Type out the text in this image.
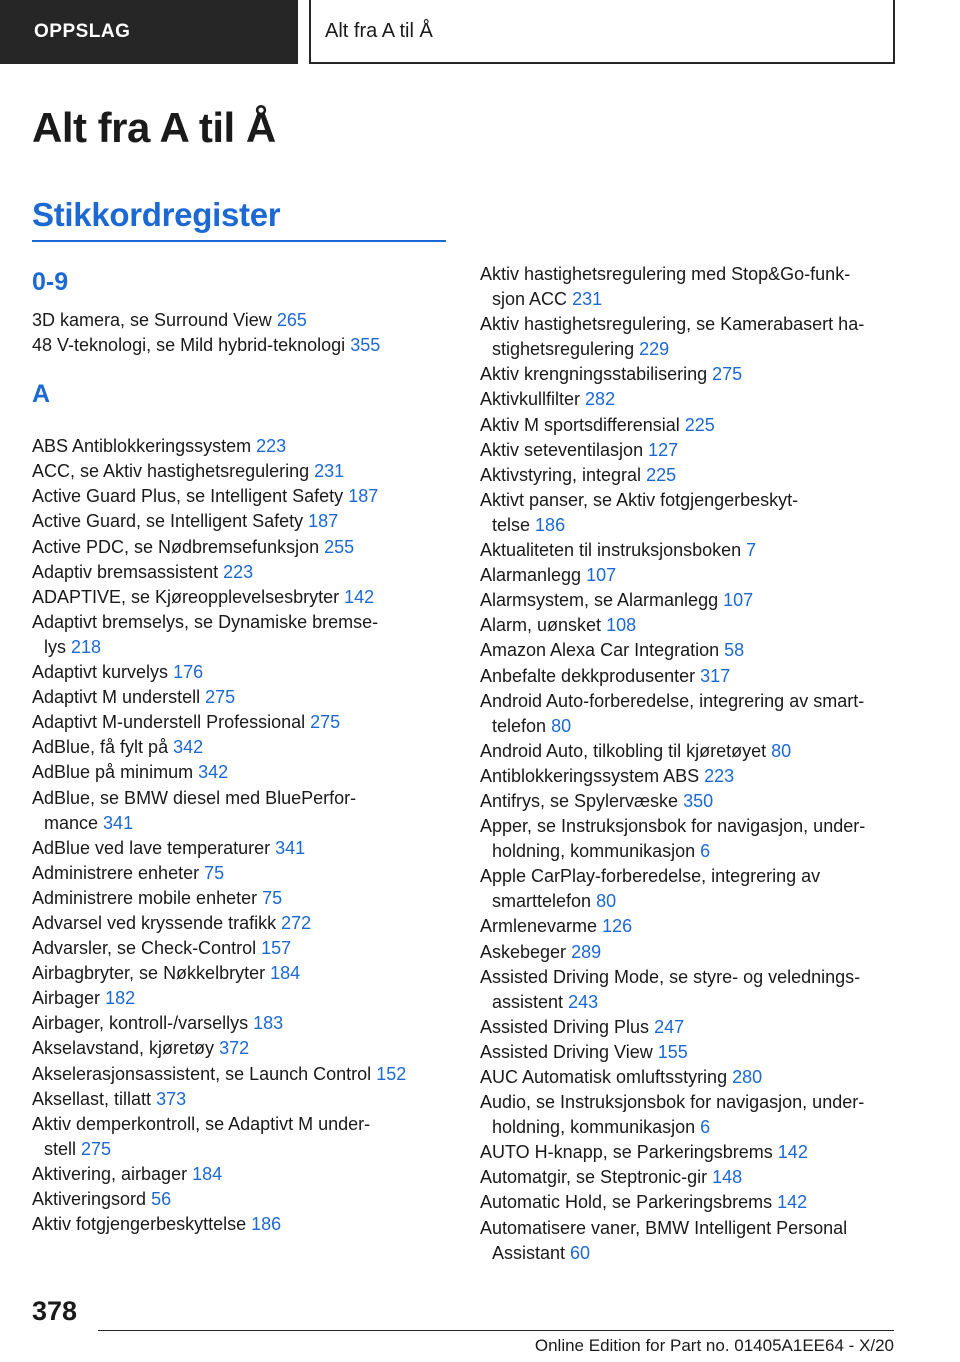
OPPSLAG	Alt fra A til Å
Alt fra A til Å
Stikkordregister
0-9
3D kamera, se Surround View 265
48 V-teknologi, se Mild hybrid-teknologi 355
A
ABS Antiblokkeringssystem 223
ACC, se Aktiv hastighetsregulering 231
Active Guard Plus, se Intelligent Safety 187
Active Guard, se Intelligent Safety 187
Active PDC, se Nødbremsefunksjon 255
Adaptiv bremsassistent 223
ADAPTIVE, se Kjøreopplevelsesbryter 142
Adaptivt bremselys, se Dynamiske bremse-
lys 218
Adaptivt kurvelys 176
Adaptivt M understell 275
Adaptivt M-understell Professional 275
AdBlue, få fylt på 342
AdBlue på minimum 342
AdBlue, se BMW diesel med BluePerfor-
mance 341
AdBlue ved lave temperaturer 341
Administrere enheter 75
Administrere mobile enheter 75
Advarsel ved kryssende trafikk 272
Advarsler, se Check-Control 157
Airbagbryter, se Nøkkelbryter 184
Airbager 182
Airbager, kontroll-/varsellys 183
Akselavstand, kjøretøy 372
Akselerasjonsassistent, se Launch Control 152
Aksellast, tillatt 373
Aktiv demperkontroll, se Adaptivt M under-
stell 275
Aktivering, airbager 184
Aktiveringsord 56
Aktiv fotgjengerbeskyttelse 186
Aktiv hastighetsregulering med Stop&Go-funk-
sjon ACC 231
Aktiv hastighetsregulering, se Kamerabasert ha-
stighetsregulering 229
Aktiv krengningsstabilisering 275
Aktivkullfilter 282
Aktiv M sportsdifferensial 225
Aktiv seteventilasjon 127
Aktivstyring, integral 225
Aktivt panser, se Aktiv fotgjengerbeskyt-
telse 186
Aktualiteten til instruksjonsboken 7
Alarmanlegg 107
Alarmsystem, se Alarmanlegg 107
Alarm, uønsket 108
Amazon Alexa Car Integration 58
Anbefalte dekkprodusenter 317
Android Auto-forberedelse, integrering av smart-
telefon 80
Android Auto, tilkobling til kjøretøyet 80
Antiblokkeringssystem ABS 223
Antifrys, se Spylervæske 350
Apper, se Instruksjonsbok for navigasjon, under-
holdning, kommunikasjon 6
Apple CarPlay-forberedelse, integrering av
smarttelefon 80
Armlenevarme 126
Askebeger 289
Assisted Driving Mode, se styre- og velednings-
assistent 243
Assisted Driving Plus 247
Assisted Driving View 155
AUC Automatisk omluftsstyring 280
Audio, se Instruksjonsbok for navigasjon, under-
holdning, kommunikasjon 6
AUTO H-knapp, se Parkeringsbrems 142
Automatgir, se Steptronic-gir 148
Automatic Hold, se Parkeringsbrems 142
Automatisere vaner, BMW Intelligent Personal
Assistant 60
378
Online Edition for Part no. 01405A1EE64 - X/20
